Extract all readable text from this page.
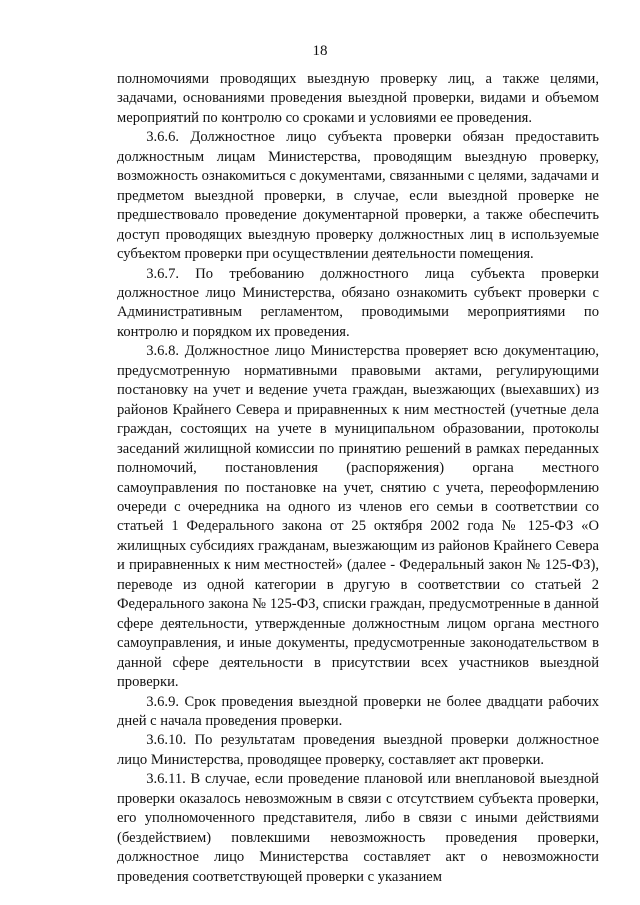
18

полномочиями проводящих выездную проверку лиц, а также целями, задачами, основаниями проведения выездной проверки, видами и объемом мероприятий по контролю со сроками и условиями ее проведения.

3.6.6. Должностное лицо субъекта проверки обязан предоставить должностным лицам Министерства, проводящим выездную проверку, возможность ознакомиться с документами, связанными с целями, задачами и предметом выездной проверки, в случае, если выездной проверке не предшествовало проведение документарной проверки, а также обеспечить доступ проводящих выездную проверку должностных лиц в используемые субъектом проверки при осуществлении деятельности помещения.

3.6.7. По требованию должностного лица субъекта проверки должностное лицо Министерства, обязано ознакомить субъект проверки с Административным регламентом, проводимыми мероприятиями по контролю и порядком их проведения.

3.6.8. Должностное лицо Министерства проверяет всю документацию, предусмотренную нормативными правовыми актами, регулирующими постановку на учет и ведение учета граждан, выезжающих (выехавших) из районов Крайнего Севера и приравненных к ним местностей (учетные дела граждан, состоящих на учете в муниципальном образовании, протоколы заседаний жилищной комиссии по принятию решений в рамках переданных полномочий, постановления (распоряжения) органа местного самоуправления по постановке на учет, снятию с учета, переоформлению очереди с очередника на одного из членов его семьи в соответствии со статьей 1 Федерального закона от 25 октября 2002 года № 125-ФЗ «О жилищных субсидиях гражданам, выезжающим из районов Крайнего Севера и приравненных к ним местностей» (далее - Федеральный закон № 125-ФЗ), переводе из одной категории в другую в соответствии со статьей 2 Федерального закона № 125-ФЗ, списки граждан, предусмотренные в данной сфере деятельности, утвержденные должностным лицом органа местного самоуправления, и иные документы, предусмотренные законодательством в данной сфере деятельности в присутствии всех участников выездной проверки.

3.6.9. Срок проведения выездной проверки не более двадцати рабочих дней с начала проведения проверки.

3.6.10. По результатам проведения выездной проверки должностное лицо Министерства, проводящее проверку, составляет акт проверки.

3.6.11. В случае, если проведение плановой или внеплановой выездной проверки оказалось невозможным в связи с отсутствием субъекта проверки, его уполномоченного представителя, либо в связи с иными действиями (бездействием) повлекшими невозможность проведения проверки, должностное лицо Министерства составляет акт о невозможности проведения соответствующей проверки с указанием
